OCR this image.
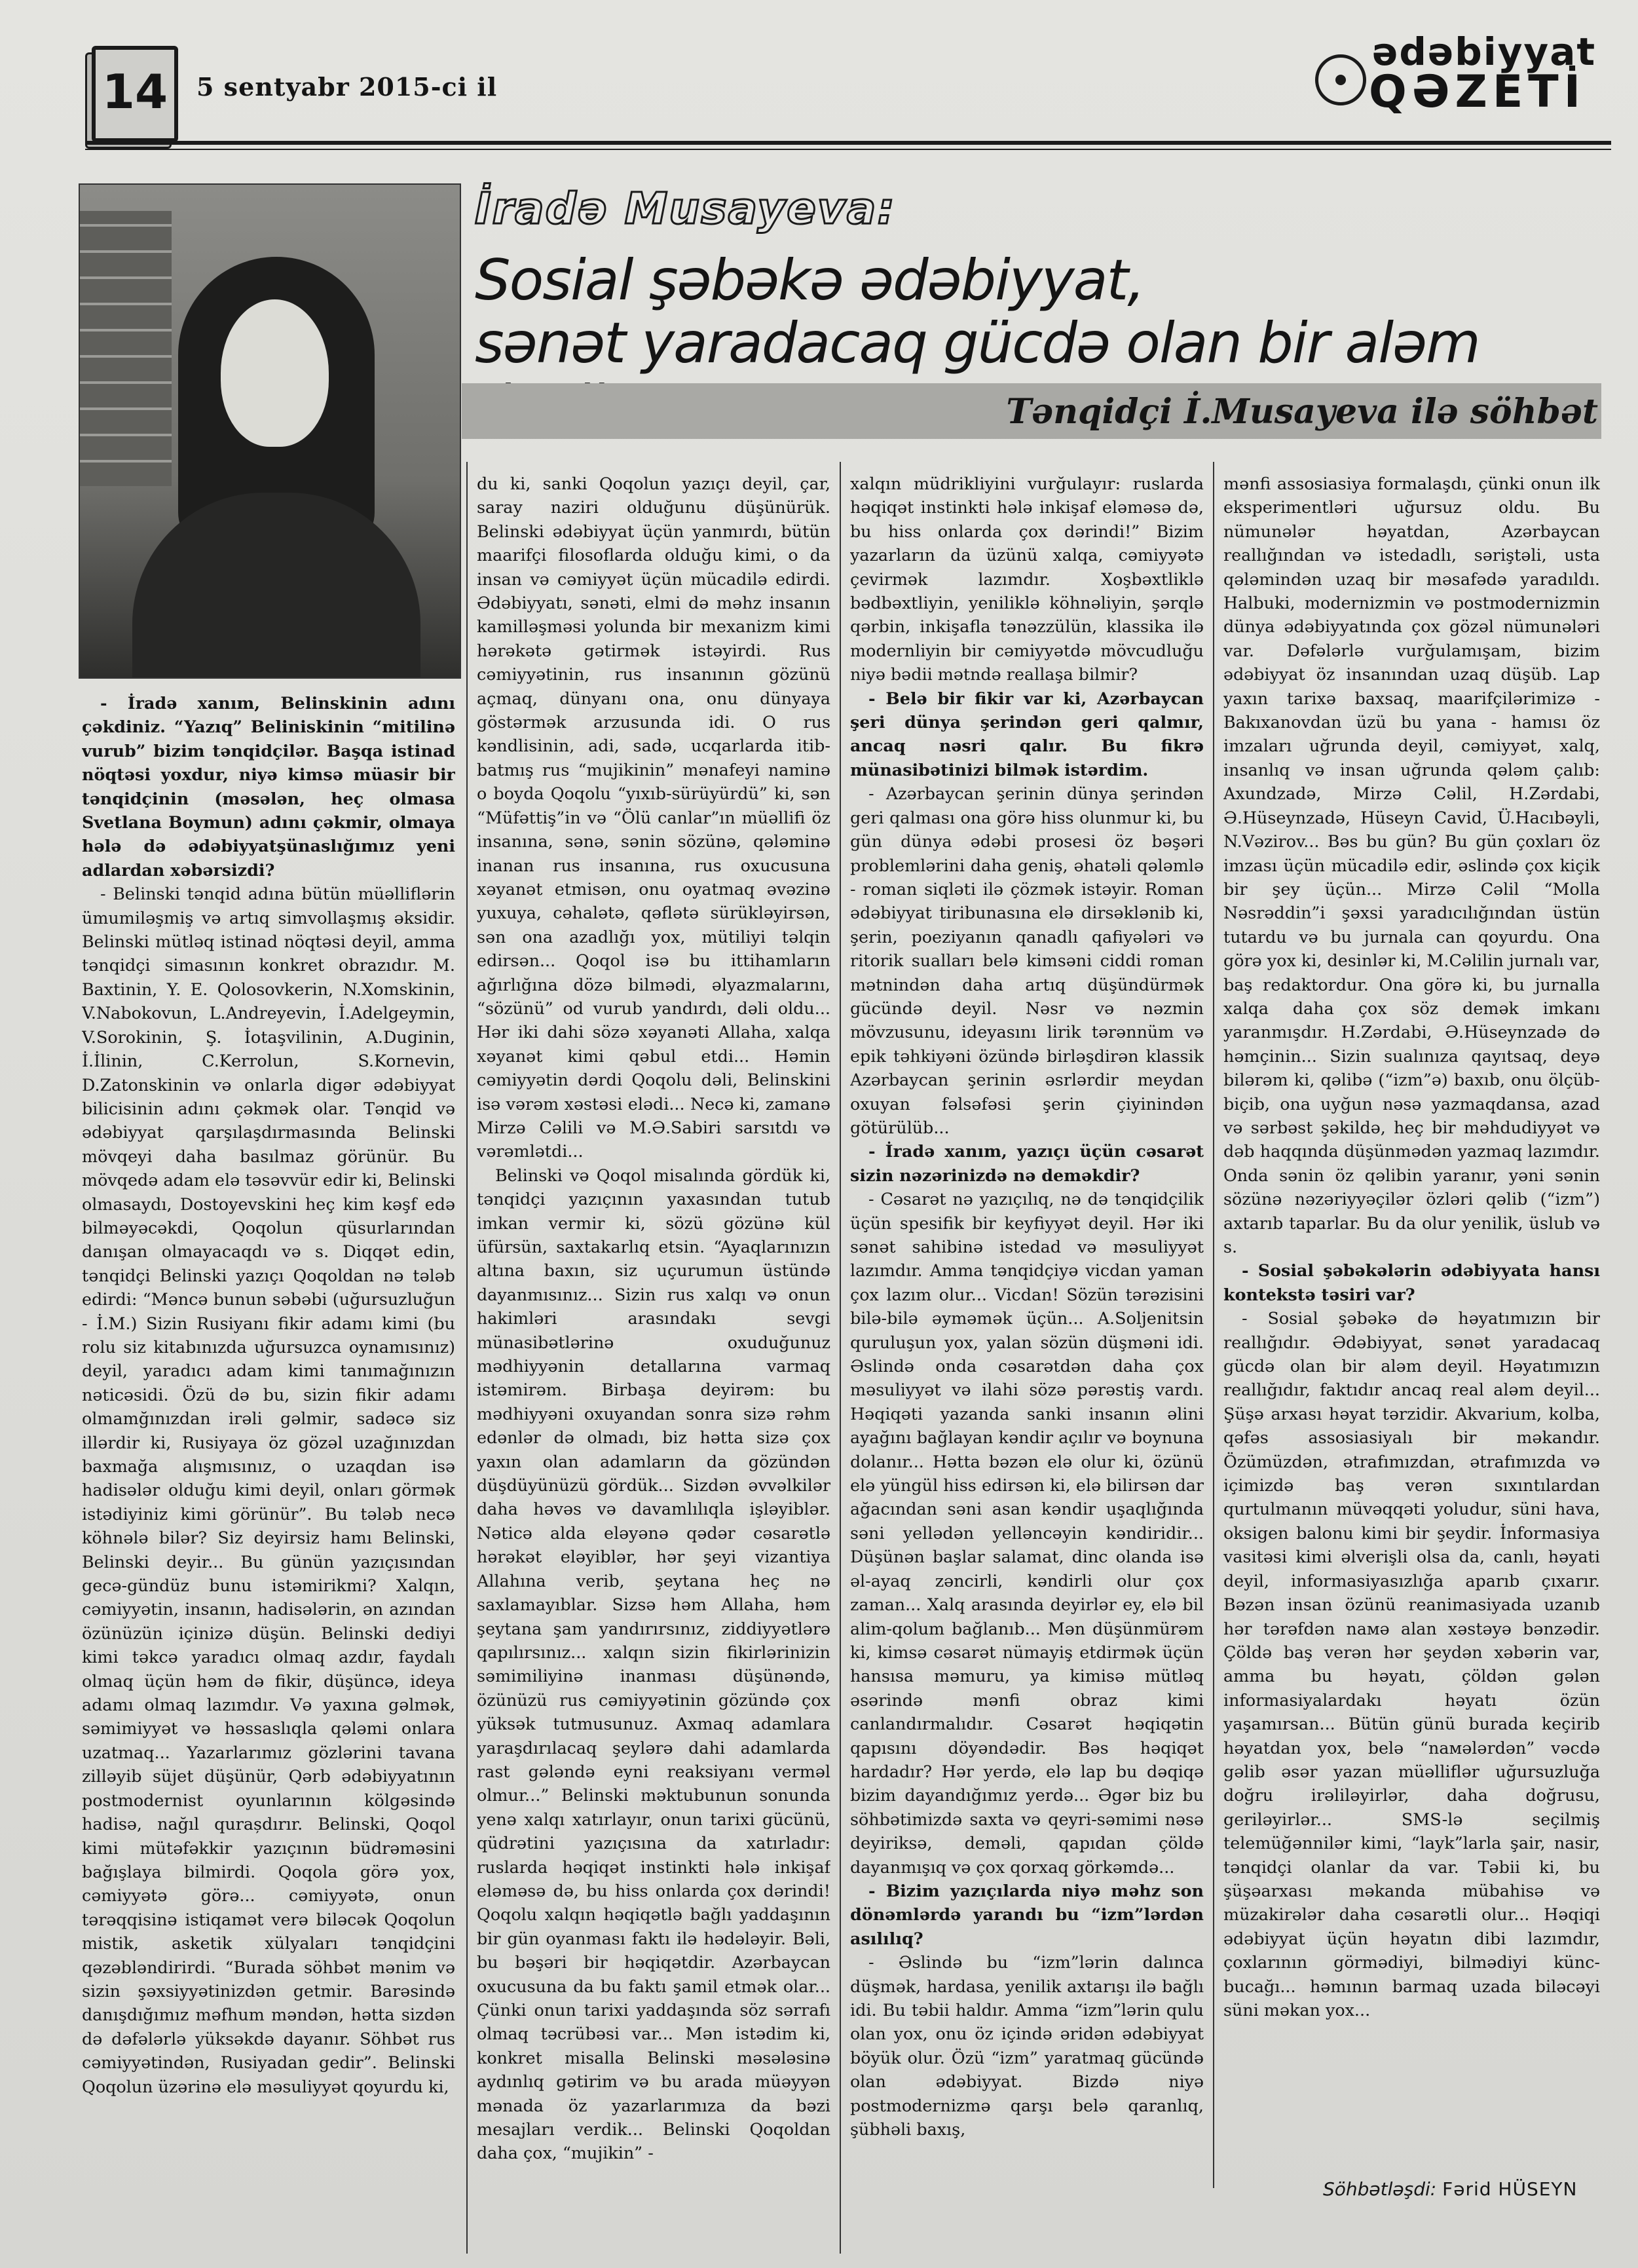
14 5 sentyabr 2015-ci il
ədəbiyyat
QƏZETİ
İradə Musayeva:
Sosial şəbəkə ədəbiyyat,
sənət yaradacaq gücdə olan bir aləm
Tənqidçi İ.Musayeva ilə söhbət

- İradə xanım, Belinskinin adını çəkdiniz. “Yazıq” Beliniskinin “mitilinə vurub” bizim tənqidçilər. Başqa istinad nöqtəsi yoxdur, niyə kimsə müasir bir tənqidçinin (məsələn, heç olmasa Svetlana Boymun) adını çəkmir, olmaya hələ də ədəbiyyatşünaslığımız yeni adlardan xəbərsizdi?

- Belinski tənqid adına bütün müəlliflərin ümumiləşmiş və artıq simvollaşmış əksidir. Belinski mütləq istinad nöqtəsi deyil, amma tənqidçi simasının konkret obrazıdır. M. Baxtinin, Y. E. Qolosovkerin, N.Xomskinin, V.Nabokovun, L.Andreyevin, İ.Adelgeymin, V.Sorokinin, Ş. İotaşvilinin, A.Duginin, İ.İlinin, C.Kerrolun, S.Kornevin, D.Zatonskinin və onlarla digər ədəbiyyat bilicisinin adını çəkmək olar. Tənqid və ədəbiyyat qarşılaşdırmasında Belinski mövqeyi daha basılmaz görünür. Bu mövqedə adam elə təsəvvür edir ki, Belinski olmasaydı, Dostoyevskini heç kim kəşf edə bilməyəcəkdi, Qoqolun qüsurlarından danışan olmayacaqdı və s. Diqqət edin, tənqidçi Belinski yazıçı Qoqoldan nə tələb edirdi: “Məncə bunun səbəbi (uğursuzluğun - İ.M.) Sizin Rusiyanı fikir adamı kimi (bu rolu siz kitabınızda uğursuzca oynamısınız) deyil, yaradıcı adam kimi tanımağınızın nəticəsidi. Özü də bu, sizin fikir adamı olmamğınızdan irəli gəlmir, sadəcə siz illərdir ki, Rusiyaya öz gözəl uzağınızdan baxmağa alışmısınız, o uzaqdan isə hadisələr olduğu kimi deyil, onları görmək istədiyiniz kimi görünür”. Bu tələb necə köhnələ bilər? Siz deyirsiz hamı Belinski, Belinski deyir... Bu günün yazıçısından gecə-gündüz bunu istəmirikmi? Xalqın, cəmiyyətin, insanın, hadisələrin, ən azından özünüzün içinizə düşün. Belinski dediyi kimi təkcə yaradıcı olmaq azdır, faydalı olmaq üçün həm də fikir, düşüncə, ideya adamı olmaq lazımdır. Və yaxına gəlmək, səmimiyyət və həssaslıqla qələmi onlara uzatmaq... Yazarlarımız gözlərini tavana zilləyib süjet düşünür, Qərb ədəbiyyatının postmodernist oyunlarının kölgəsində hadisə, nağıl qurașdırır. Belinski, Qoqol kimi mütəfəkkir yazıçının büdrəməsini bağışlaya bilmirdi. Qoqola görə yox, cəmiyyətə görə... cəmiyyətə, onun tərəqqisinə istiqamət verə biləcək Qoqolun mistik, asketik xülyaları tənqidçini qəzəbləndirirdi. “Burada söhbət mənim və sizin şəxsiyyətinizdən getmir. Barəsində danışdığımız məfhum məndən, hətta sizdən də dəfələrlə yüksəkdə dayanır. Söhbət rus cəmiyyətindən, Rusiyadan gedir”. Belinski Qoqolun üzərinə elə məsuliyyət qoyurdu ki,

du ki, sanki Qoqolun yazıçı deyil, çar, saray naziri olduğunu düşünürük. Belinski ədəbiyyat üçün yanmırdı, bütün maarifçi filosoflarda olduğu kimi, o da insan və cəmiyyət üçün mücadilə edirdi. Ədəbiyyatı, sənəti, elmi də məhz insanın kamilləşməsi yolunda bir mexanizm kimi hərəkətə gətirmək istəyirdi. Rus cəmiyyətinin, rus insanının gözünü açmaq, dünyanı ona, onu dünyaya göstərmək arzusunda idi. O rus kəndlisinin, adi, sadə, ucqarlarda itib-batmış rus “mujikinin” mənafeyi naminə o boyda Qoqolu “yıxıb-sürüyürdü” ki, sən “Müfəttiş”in və “Ölü canlar”ın müəllifi öz insanına, sənə, sənin sözünə, qələminə inanan rus insanına, rus oxucusuna xəyanət etmisən, onu oyatmaq əvəzinə yuxuya, cəhalətə, qəflətə sürükləyirsən, sən ona azadlığı yox, mütiliyi təlqin edirsən... Qoqol isə bu ittihamların ağırlığına dözə bilmədi, əlyazmalarını, “sözünü” od vurub yandırdı, dəli oldu... Hər iki dahi sözə xəyanəti Allaha, xalqa xəyanət kimi qəbul etdi... Həmin cəmiyyətin dərdi Qoqolu dəli, Belinskini isə vərəm xəstəsi elədi... Necə ki, zamanə Mirzə Cəlili və M.Ə.Sabiri sarsıtdı və vərəmlətdi...

Belinski və Qoqol misalında gördük ki, tənqidçi yazıçının yaxasından tutub imkan vermir ki, sözü gözünə kül üfürsün, saxtakarlıq etsin. “Ayaqlarınızın altına baxın, siz uçurumun üstündə dayanmısınız... Sizin rus xalqı və onun hakimləri arasındakı sevgi münasibətlərinə oxuduğunuz mədhiyyənin detallarına varmaq istəmirəm. Birbaşa deyirəm: bu mədhiyyəni oxuyandan sonra sizə rəhm edənlər də olmadı, biz hətta sizə çox yaxın olan adamların da gözündən düşdüyünüzü gördük... Sizdən əvvəlkilər daha həvəs və davamlılıqla işləyiblər. Nəticə alda eləyənə qədər cəsarətlə hərəkət eləyiblər, hər şeyi vizantiya Allahına verib, şeytana heç nə saxlamayıblar. Sizsə həm Allaha, həm şeytana şam yandırırsınız, ziddiyyətlərə qapılırsınız... xalqın sizin fikirlərinizin səmimiliyinə inanması düşünəndə, özünüzü rus cəmiyyətinin gözündə çox yüksək tutmusunuz. Axmaq adamlara yaraşdırılacaq şeylərə dahi adamlarda rast gələndə eyni reaksiyanı verməl olmur...” Belinski məktubunun sonunda yenə xalqı xatırlayır, onun tarixi gücünü, qüdrətini yazıçısına da xatırladır: ruslarda həqiqət instinkti hələ inkişaf eləməsə də, bu hiss onlarda çox dərindi! Qoqolu xalqın həqiqətlə bağlı yaddaşının bir gün oyanması faktı ilə hədələyir. Bəli, bu bəşəri bir həqiqətdir. Azərbaycan oxucusuna da bu faktı şamil etmək olar... Çünki onun tarixi yaddaşında söz sərrafı olmaq təcrübəsi var... Mən istədim ki, konkret misalla Belinski məsələsinə aydınlıq gətirim və bu arada müəyyən mənada öz yazarlarımıza da bəzi mesajları verdik... Belinski Qoqoldan daha çox, “mujikin” -

xalqın müdrikliyini vurğulayır: ruslarda həqiqət instinkti hələ inkişaf eləməsə də, bu hiss onlarda çox dərindi!” Bizim yazarların da üzünü xalqa, cəmiyyətə çevirmək lazımdır. Xoşbəxtliklə bədbəxtliyin, yeniliklə köhnəliyin, şərqlə qərbin, inkişafla tənəzzülün, klassika ilə modernliyin bir cəmiyyətdə mövcudluğu niyə bədii mətndə reallaşa bilmir?

- Belə bir fikir var ki, Azərbaycan şeri dünya şerindən geri qalmır, ancaq nəsri qalır. Bu fikrə münasibətinizi bilmək istərdim.

- Azərbaycan şerinin dünya şerindən geri qalması ona görə hiss olunmur ki, bu gün dünya ədəbi prosesi öz bəşəri problemlərini daha geniş, əhatəli qələmlə - roman siqləti ilə çözmək istəyir. Roman ədəbiyyat tiribunasına elə dirsəklənib ki, şerin, poeziyanın qanadlı qafiyələri və ritorik sualları belə kimsəni ciddi roman mətnindən daha artıq düşündürmək gücündə deyil. Nəsr və nəzmin mövzusunu, ideyasını lirik tərənnüm və epik təhkiyəni özündə birləşdirən klassik Azərbaycan şerinin əsrlərdir meydan oxuyan fəlsəfəsi şerin çiyinindən götürülüb...

- İradə xanım, yazıçı üçün cəsarət sizin nəzərinizdə nə deməkdir?

- Cəsarət nə yazıçılıq, nə də tənqidçilik üçün spesifik bir keyfiyyət deyil. Hər iki sənət sahibinə istedad və məsuliyyət lazımdır. Amma tənqidçiyə vicdan yaman çox lazım olur... Vicdan! Sözün tərəzisini bilə-bilə əyməmək üçün... A.Soljenitsin quruluşun yox, yalan sözün düşməni idi. Əslində onda cəsarətdən daha çox məsuliyyət və ilahi sözə pərəstiş vardı. Həqiqəti yazanda sanki insanın əlini ayağını bağlayan kəndir açılır və boynuna dolanır... Hətta bəzən elə olur ki, özünü elə yüngül hiss edirsən ki, elə bilirsən dar ağacından səni asan kəndir uşaqlığında səni yellədən yelləncəyin kəndiridir... Düşünən başlar salamat, dinc olanda isə əl-ayaq zəncirli, kəndirli olur çox zaman... Xalq arasında deyirlər ey, elə bil alim-qolum bağlanıb... Mən düşünmürəm ki, kimsə cəsarət nümayiş etdirmək üçün hansısa məmuru, ya kimisə mütləq əsərində mənfi obraz kimi canlandırmalıdır. Cəsarət həqiqətin qapısını döyəndədir. Bəs həqiqət hardadır? Hər yerdə, elə lap bu dəqiqə bizim dayandığımız yerdə... Əgər biz bu söhbətimizdə saxta və qeyri-səmimi nəsə deyiriksə, deməli, qapıdan çöldə dayanmışıq və çox qorxaq görkəmdə...

- Bizim yazıçılarda niyə məhz son dönəmlərdə yarandı bu “izm”lərdən asılılıq?

- Əslində bu “izm”lərin dalınca düşmək, hardasa, yenilik axtarışı ilə bağlı idi. Bu təbii haldır. Amma “izm”lərin qulu olan yox, onu öz içində əridən ədəbiyyat böyük olur. Özü “izm” yaratmaq gücündə olan ədəbiyyat. Bizdə niyə postmodernizmə qarşı belə qaranlıq, şübhəli baxış,

mənfi assosiasiya formalaşdı, çünki onun ilk eksperimentləri uğursuz oldu. Bu nümunələr həyatdan, Azərbaycan reallığından və istedadlı, səriştəli, usta qələmindən uzaq bir məsafədə yaradıldı. Halbuki, modernizmin və postmodernizmin dünya ədəbiyyatında çox gözəl nümunələri var. Dəfələrlə vurğulamışam, bizim ədəbiyyat öz insanından uzaq düşüb. Lap yaxın tarixə baxsaq, maarifçilərimizə - Bakıxanovdan üzü bu yana - hamısı öz imzaları uğrunda deyil, cəmiyyət, xalq, insanlıq və insan uğrunda qələm çalıb: Axundzadə, Mirzə Cəlil, H.Zərdabi, Ə.Hüseynzadə, Hüseyn Cavid, Ü.Hacıbəyli, N.Vəzirov... Bəs bu gün? Bu gün çoxları öz imzası üçün mücadilə edir, əslində çox kiçik bir şey üçün... Mirzə Cəlil “Molla Nəsrəddin”i şəxsi yaradıcılığından üstün tutardu və bu jurnala can qoyurdu. Ona görə yox ki, desinlər ki, M.Cəlilin jurnalı var, baş redaktordur. Ona görə ki, bu jurnalla xalqa daha çox söz demək imkanı yaranmışdır. H.Zərdabi, Ə.Hüseynzadə də həmçinin... Sizin sualınıza qayıtsaq, deyə bilərəm ki, qəlibə (“izm”ə) baxıb, onu ölçüb-biçib, ona uyğun nəsə yazmaqdansa, azad və sərbəst şəkildə, heç bir məhdudiyyət və dəb haqqında düşünmədən yazmaq lazımdır. Onda sənin öz qəlibin yaranır, yəni sənin sözünə nəzəriyyəçilər özləri qəlib (“izm”) axtarıb taparlar. Bu da olur yenilik, üslub və s.

- Sosial şəbəkələrin ədəbiyyata hansı kontekstə təsiri var?

- Sosial şəbəkə də həyatımızın bir reallığıdır. Ədəbiyyat, sənət yaradacaq gücdə olan bir aləm deyil. Həyatımızın reallığıdır, faktıdır ancaq real aləm deyil... Şüşə arxası həyat tərzidir. Akvarium, kolba, qəfəs assosiasiyalı bir məkandır. Özümüzdən, ətrafımızdan, ətrafımızda və içimizdə baş verən sıxıntılardan qurtulmanın müvəqqəti yoludur, süni hava, oksigen balonu kimi bir şeydir. İnformasiya vasitəsi kimi əlverişli olsa da, canlı, həyati deyil, informasiyasızlığa aparıb çıxarır. Bəzən insan özünü reanimasiyada uzanıb hər tərəfdən naмə alan xəstəyə bənzədir. Çöldə baş verən hər şeydən xəbərin var, amma bu həyatı, çöldən gələn informasiyalardakı həyatı özün yaşamırsan... Bütün günü burada keçirib həyatdan yox, belə “naмələrdən” vəcdə gəlib əsər yazan müəlliflər uğursuzluğa doğru irəliləyirlər, daha doğrusu, geriləyirlər... SMS-lə seçilmiş telemüğənnilər kimi, “layk”larla şair, nasir, tənqidçi olanlar da var. Təbii ki, bu şüşəarxası məkanda mübahisə və müzakirələr daha cəsarətli olur... Həqiqi ədəbiyyat üçün həyatın dibi lazımdır, çoxlarının görmədiyi, bilmədiyi künc-bucağı... həmının barmaq uzada biləcəyi süni məkan yox...

Söhbətləşdi: Fərid HÜSEYN
